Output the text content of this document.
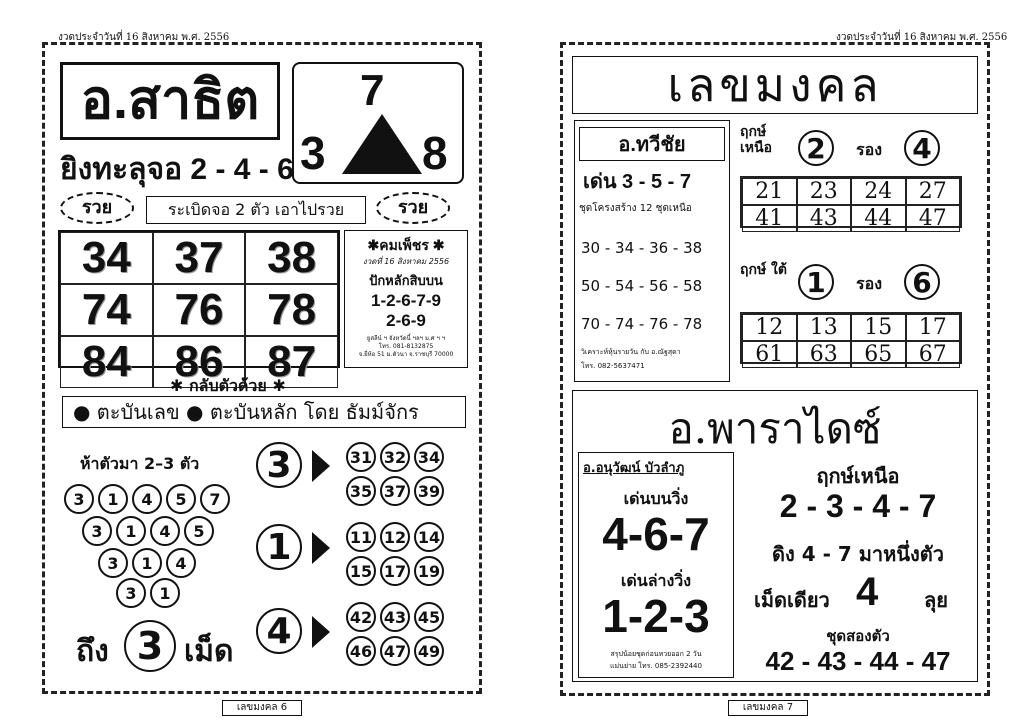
งวดประจำวันที่ 16 สิงหาคม พ.ศ. 2556
อ.สาธิต
ยิงทะลุจอ 2 - 4 - 6
7
3 8
รวย	ระเบิดจอ 2 ตัว เอาไปรวย	รวย
34 37 38
74 76 78
84 86 87
✱คมเพ็ชร ✱
งวดที่ 16 สิงหาคม 2556
ปักหลักสิบบน
1-2-6-7-9
2-6-9
ยูสลีน์ ฯ จังหวัดนี้ ฯลฯ ม.ศ ฯ ฯ
โทร. 081-8132875
จ.ยี่ห้อ 51 ม.ตัวนา จ.ราชบุรี 70000
✱ กลับตัวด้วย ✱
● ตะบันเลข ● ตะบันหลัก โดย ธัมม์จักร
ห้าตัวมา 2–3 ตัว
3	1	4	5	7
3	1	4	5
3	1	4
3	1
ถึง 3 เม็ด
3	31 32 34
35 37 39
1	11 12 14
15 17 19
4	42 43 45
46 47 49
เลขมงคล 6
งวดประจำวันที่ 16 สิงหาคม พ.ศ. 2556
เลขมงคล
อ.ทวีชัย
เด่น 3 - 5 - 7
ชุดโครงสร้าง 12 ชุดเหนือ
30 - 34 - 36 - 38
50 - 54 - 56 - 58
70 - 74 - 76 - 78
วิเคราะห์หุ้นรายวัน กับ อ.ณัฐสุดา
โทร. 082-5637471
ฤกษ์ เหนือ	2	รอง 4
21	23	24	27
41	43	44	47
ฤกษ์ ใต้ 1	รอง 6
12	13	15	17
61	63	65	67
อ.พาราไดซ์
อ.อนุวัฒน์ บัวลำภู
เด่นบนวิ่ง
4-6-7
เด่นล่างวิ่ง
1-2-3
สรุปน้อยชุดก่อนหวยออก 2 วัน
แม่นย่าย โทร. 085-2392440
ฤกษ์เหนือ
2 - 3 - 4 - 7
ดิง 4 - 7 มาหนึ่งตัว
เม็ดเดียว 4 ลุย
ชุดสองตัว
42 - 43 - 44 - 47
เลขมงคล 7
